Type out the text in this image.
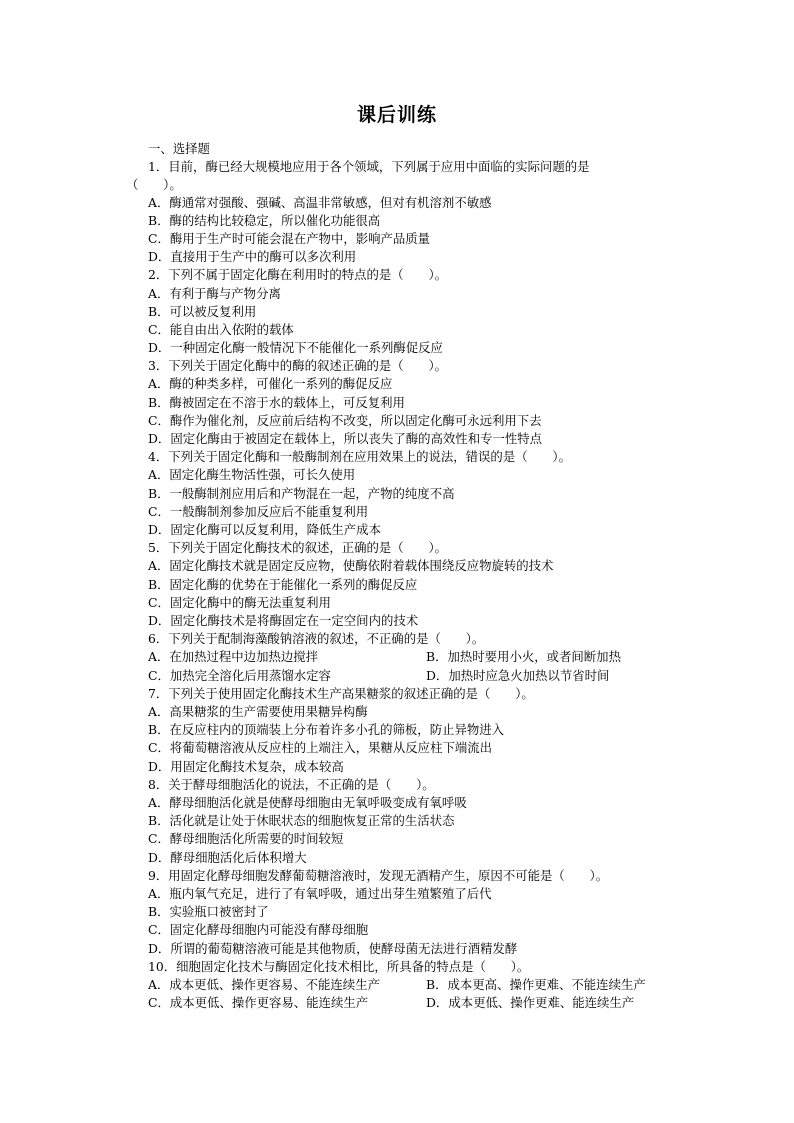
课后训练
一、选择题
1．目前，酶已经大规模地应用于各个领域，下列属于应用中面临的实际问题的是
（　　）。
A．酶通常对强酸、强碱、高温非常敏感，但对有机溶剂不敏感
B．酶的结构比较稳定，所以催化功能很高
C．酶用于生产时可能会混在产物中，影响产品质量
D．直接用于生产中的酶可以多次利用
2．下列不属于固定化酶在利用时的特点的是（　　）。
A．有利于酶与产物分离
B．可以被反复利用
C．能自由出入依附的载体
D．一种固定化酶一般情况下不能催化一系列酶促反应
3．下列关于固定化酶中的酶的叙述正确的是（　　）。
A．酶的种类多样，可催化一系列的酶促反应
B．酶被固定在不溶于水的载体上，可反复利用
C．酶作为催化剂，反应前后结构不改变，所以固定化酶可永远利用下去
D．固定化酶由于被固定在载体上，所以丧失了酶的高效性和专一性特点
4．下列关于固定化酶和一般酶制剂在应用效果上的说法，错误的是（　　）。
A．固定化酶生物活性强，可长久使用
B．一般酶制剂应用后和产物混在一起，产物的纯度不高
C．一般酶制剂参加反应后不能重复利用
D．固定化酶可以反复利用，降低生产成本
5．下列关于固定化酶技术的叙述，正确的是（　　）。
A．固定化酶技术就是固定反应物，使酶依附着载体围绕反应物旋转的技术
B．固定化酶的优势在于能催化一系列的酶促反应
C．固定化酶中的酶无法重复利用
D．固定化酶技术是将酶固定在一定空间内的技术
6．下列关于配制海藻酸钠溶液的叙述，不正确的是（　　）。
A．在加热过程中边加热边搅拌	B．加热时要用小火，或者间断加热
C．加热完全溶化后用蒸馏水定容	D．加热时应急火加热以节省时间
7．下列关于使用固定化酶技术生产高果糖浆的叙述正确的是（　　）。
A．高果糖浆的生产需要使用果糖异构酶
B．在反应柱内的顶端装上分布着许多小孔的筛板，防止异物进入
C．将葡萄糖溶液从反应柱的上端注入，果糖从反应柱下端流出
D．用固定化酶技术复杂，成本较高
8．关于酵母细胞活化的说法，不正确的是（　　）。
A．酵母细胞活化就是使酵母细胞由无氧呼吸变成有氧呼吸
B．活化就是让处于休眠状态的细胞恢复正常的生活状态
C．酵母细胞活化所需要的时间较短
D．酵母细胞活化后体积增大
9．用固定化酵母细胞发酵葡萄糖溶液时，发现无酒精产生，原因不可能是（　　）。
A．瓶内氧气充足，进行了有氧呼吸，通过出芽生殖繁殖了后代
B．实验瓶口被密封了
C．固定化酵母细胞内可能没有酵母细胞
D．所谓的葡萄糖溶液可能是其他物质，使酵母菌无法进行酒精发酵
10．细胞固定化技术与酶固定化技术相比，所具备的特点是（　　）。
A．成本更低、操作更容易、不能连续生产	B．成本更高、操作更难、不能连续生产
C．成本更低、操作更容易、能连续生产	D．成本更低、操作更难、能连续生产
